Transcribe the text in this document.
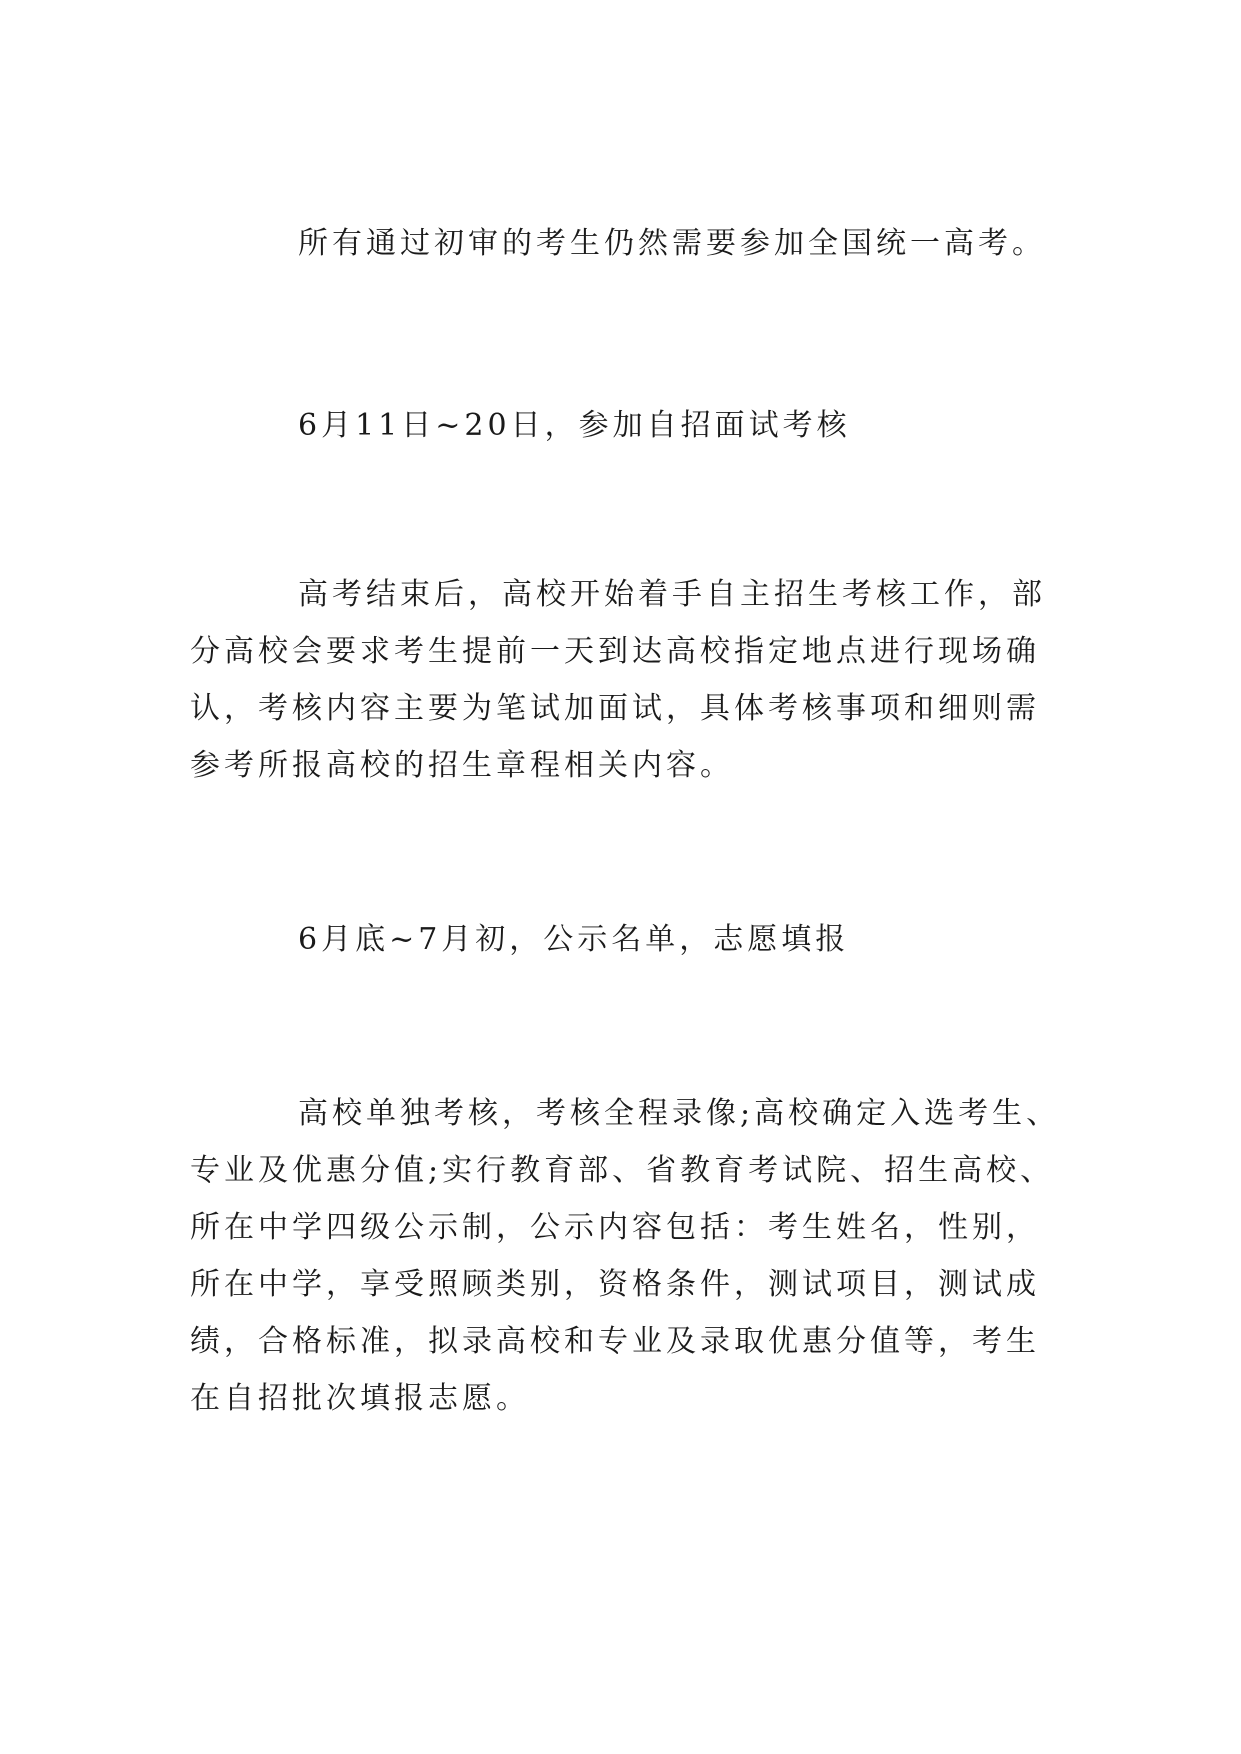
所有通过初审的考生仍然需要参加全国统一高考。

6月11日~20日，参加自招面试考核

高考结束后，高校开始着手自主招生考核工作，部分高校会要求考生提前一天到达高校指定地点进行现场确认，考核内容主要为笔试加面试，具体考核事项和细则需参考所报高校的招生章程相关内容。

6月底~7月初，公示名单，志愿填报

高校单独考核，考核全程录像;高校确定入选考生、专业及优惠分值;实行教育部、省教育考试院、招生高校、所在中学四级公示制，公示内容包括：考生姓名，性别，所在中学，享受照顾类别，资格条件，测试项目，测试成绩，合格标准，拟录高校和专业及录取优惠分值等，考生在自招批次填报志愿。
